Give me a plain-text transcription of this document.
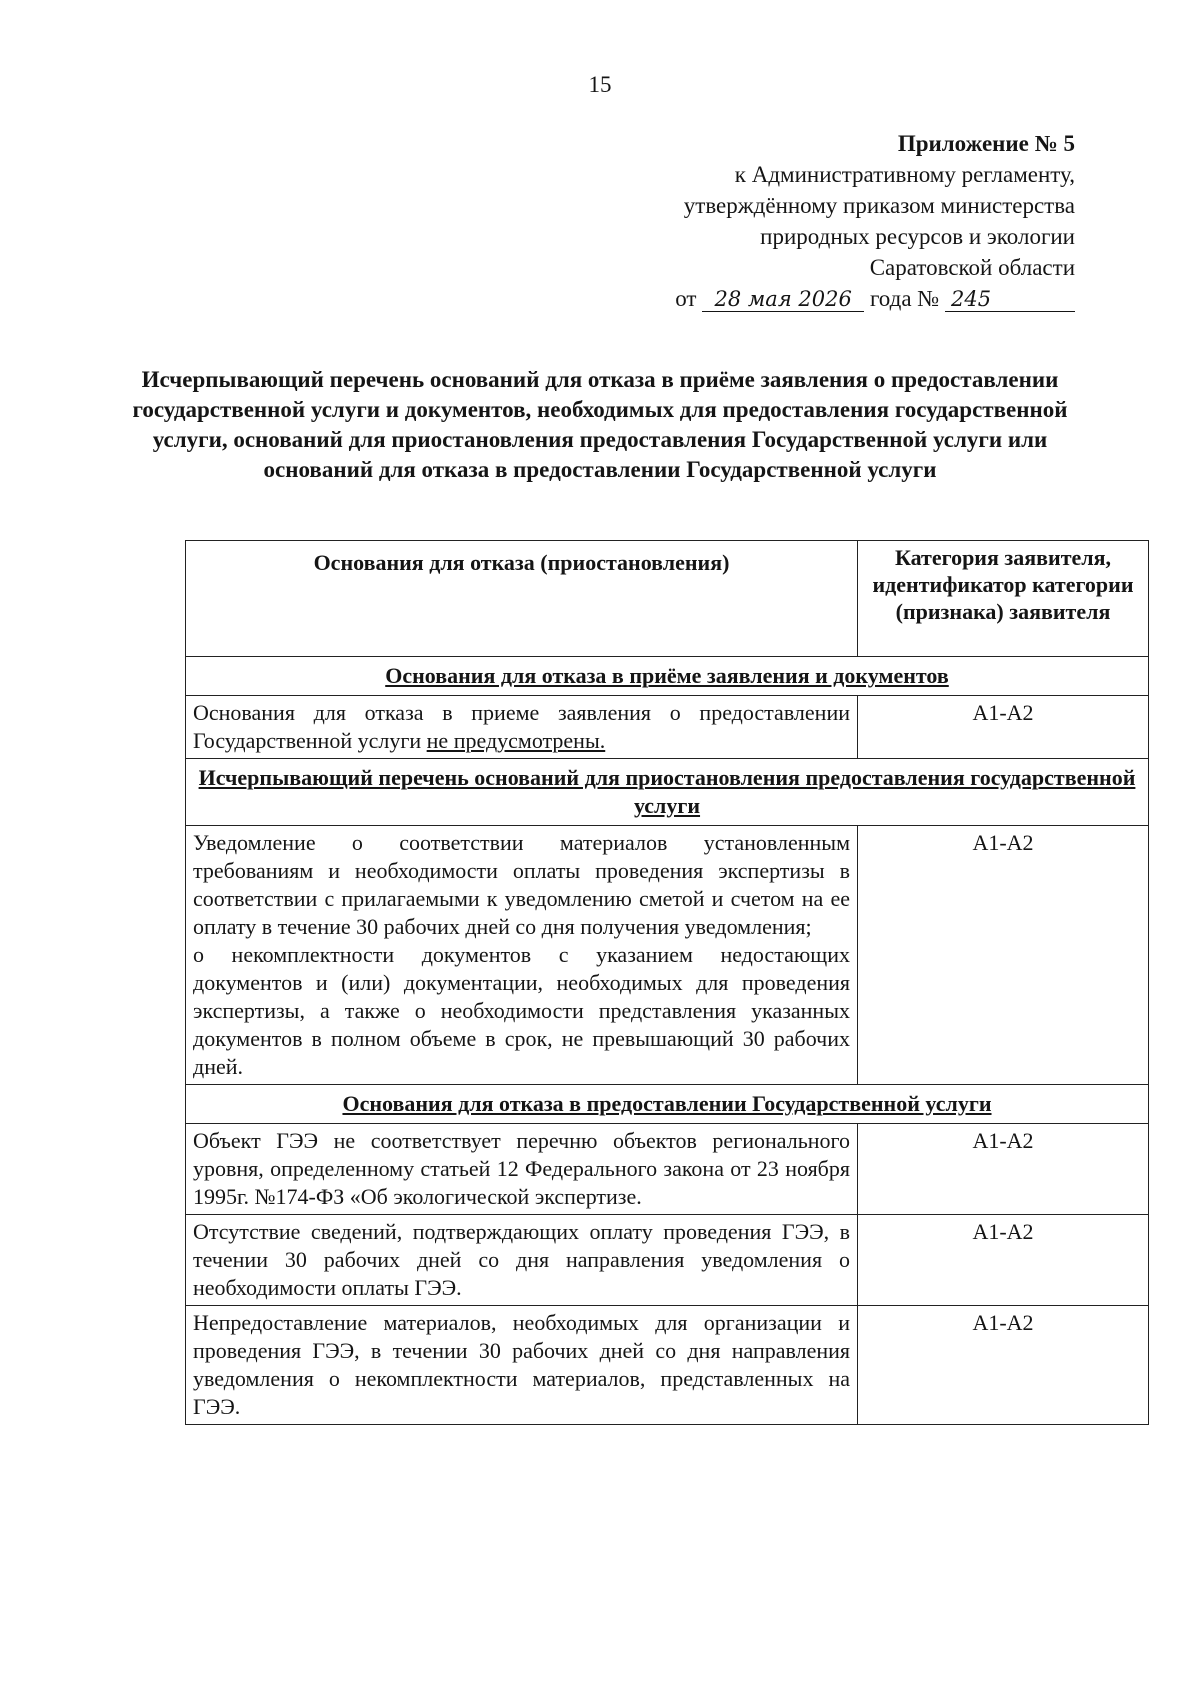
15
Приложение № 5
к Административному регламенту,
утверждённому приказом министерства
природных ресурсов и экологии
Саратовской области
от 28 мая 2026 года № 245
Исчерпывающий перечень оснований для отказа в приёме заявления о предоставлении государственной услуги и документов, необходимых для предоставления государственной услуги, оснований для приостановления предоставления Государственной услуги или оснований для отказа в предоставлении Государственной услуги
Основания для отказа (приостановления)	Категория заявителя, идентификатор категории (признака) заявителя
Основания для отказа в приёме заявления и документов	
Основания для отказа в приеме заявления о предоставлении Государственной услуги не предусмотрены.	А1-А2
Исчерпывающий перечень оснований для приостановления предоставления государственной услуги	

Уведомление о соответствии материалов установленным требованиям и необходимости оплаты проведения экспертизы в соответствии с прилагаемыми к уведомлению сметой и счетом на ее оплату в течение 30 рабочих дней со дня получения уведомления;
о некомплектности документов с указанием недостающих документов и (или) документации, необходимых для проведения экспертизы, а также о необходимости представления указанных документов в полном объеме в срок, не превышающий 30 рабочих дней.	А1-А2
Основания для отказа в предоставлении Государственной услуги	
Объект ГЭЭ не соответствует перечню объектов регионального уровня, определенному статьей 12 Федерального закона от 23 ноября 1995г. №174-ФЗ «Об экологической экспертизе.	А1-А2
Отсутствие сведений, подтверждающих оплату проведения ГЭЭ, в течении 30 рабочих дней со дня направления уведомления о необходимости оплаты ГЭЭ.	А1-А2
Непредоставление материалов, необходимых для организации и проведения ГЭЭ, в течении 30 рабочих дней со дня направления уведомления о некомплектности материалов, представленных на ГЭЭ.	А1-А2
